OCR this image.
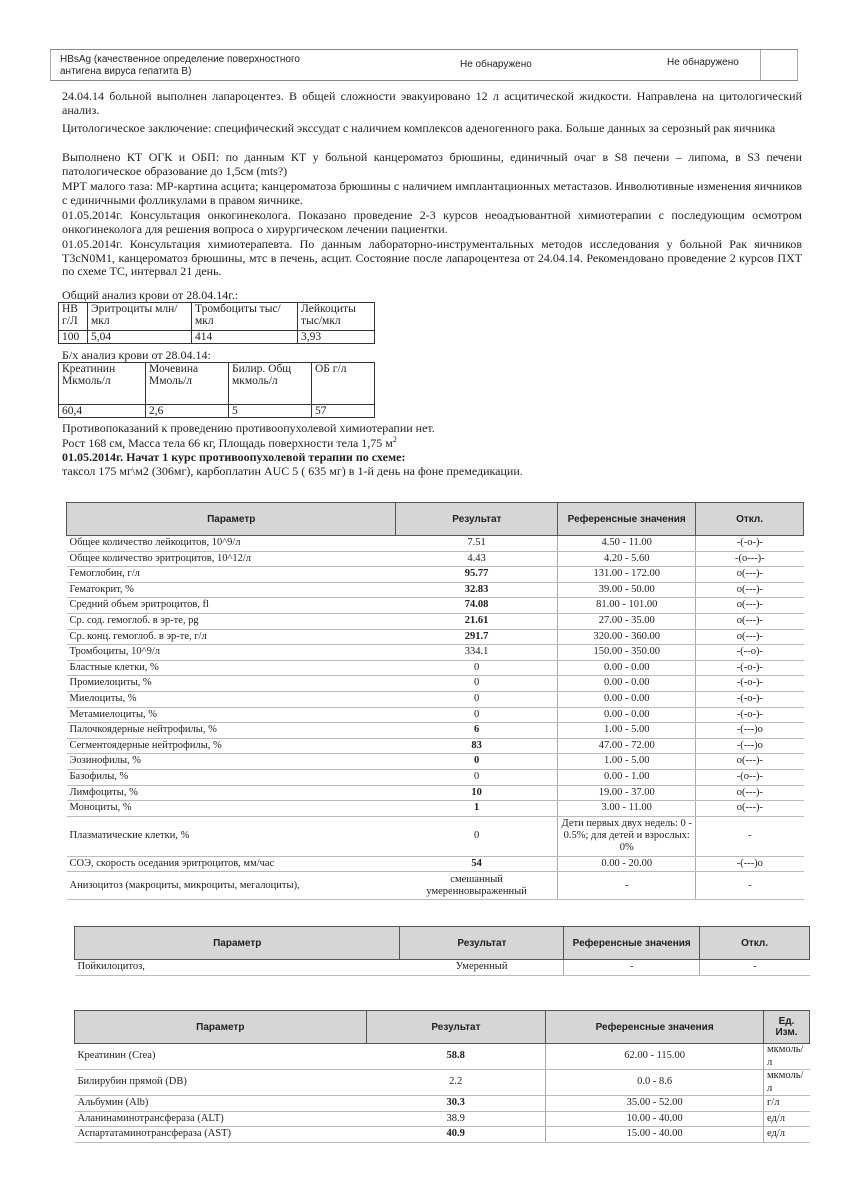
HBsAg (качественное определение поверхностного антигена вируса гепатита В)
Не обнаружено	Не обнаружено
24.04.14 больной выполнен лапароцентез. В общей сложности эвакуировано 12 л асцитической жидкости. Направлена на цитологический анализ.
Цитологическое заключение: специфический экссудат с наличием комплексов аденогенного рака. Больше данных за серозный рак яичника
Выполнено КТ ОГК и ОБП: по данным КТ у больной канцероматоз брюшины, единичный очаг в S8 печени – липома, в S3 печени патологическое образование до 1,5см (mts?)
МРТ малого таза: МР-картина асцита; канцероматоза брюшины с наличием имплантационных метастазов. Инволютивные изменения яичников с единичными фолликулами в правом яичнике.
01.05.2014г. Консультация онкогинеколога. Показано проведение 2-3 курсов неоадъювантной химиотерапии с последующим осмотром онкогинеколога для решения вопроса о хирургическом лечении пациентки.
01.05.2014г. Консультация химиотерапевта. По данным лабораторно-инструментальных методов исследования у больной Рак яичников T3cN0M1, канцероматоз брюшины, мтс в печень, асцит. Состояние после лапароцентеза от 24.04.14. Рекомендовано проведение 2 курсов ПХТ по схеме TC, интервал 21 день.
Общий анализ крови от 28.04.14г.:
HB г/Л	Эритроциты млн/мкл	Тромбоциты тыс/мкл	Лейкоциты тыс/мкл
100	5,04	414	3,93
Б/х анализ крови от 28.04.14:
Креатинин Мкмоль/л	Мочевина Ммоль/л	Билир. Общ мкмоль/л	ОБ г/л
60,4	2,6	5	57
Противопоказаний к проведению противоопухолевой химиотерапии нет.
Рост 168 см, Масса тела 66 кг, Площадь поверхности тела 1,75 $м^2$
01.05.2014г. Начат 1 курс противоопухолевой терапии по схеме:
таксол 175 мг\м2 (306мг), карбоплатин AUC 5 ( 635 мг) в 1-й день на фоне премедикации.
Параметр	Результат	Референсные значения	Откл.
Общее количество лейкоцитов, 10^9/л	7.51	4.50 - 11.00	-(-о-)-
Общее количество эритроцитов, 10^12/л	4.43	4.20 - 5.60	-(о---)-
Гемоглобин, г/л	95.77	131.00 - 172.00	о(---)-
Гематокрит, %	32.83	39.00 - 50.00	о(---)-
Средний объем эритроцитов, fl	74.08	81.00 - 101.00	о(---)-
Ср. сод. гемоглоб. в эр-те, pg	21.61	27.00 - 35.00	о(---)-
Ср. конц. гемоглоб. в эр-те, г/л	291.7	320.00 - 360.00	о(---)-
Тромбоциты, 10^9/л	334.1	150.00 - 350.00	-(--о)-
Бластные клетки, %	0	0.00 - 0.00	-(-о-)-
Промиелоциты, %	0	0.00 - 0.00	-(-о-)-
Миелоциты, %	0	0.00 - 0.00	-(-о-)-
Метамиелоциты, %	0	0.00 - 0.00	-(-о-)-
Палочкоядерные нейтрофилы, %	6	1.00 - 5.00	-(---)о
Сегментоядерные нейтрофилы, %	83	47.00 - 72.00	-(---)о
Эозинофилы, %	0	1.00 - 5.00	о(---)-
Базофилы, %	0	0.00 - 1.00	-(о--)-
Лимфоциты, %	10	19.00 - 37.00	о(---)-
Моноциты, %	1	3.00 - 11.00	о(---)-
Плазматические клетки, %	0	Дети первых двух недель: 0 - 0.5%; для детей и взрослых: 0%	-
СОЭ, скорость оседания эритроцитов, мм/час	54	0.00 - 20.00	-(---)о
Анизоцитоз (макроциты, микроциты, мегалоциты),	смешанный умеренновыраженный	-	-
Параметр	Результат	Референсные значения	Откл.
Пойкилоцитоз,	Умеренный	-	-
Параметр	Результат	Референсные значения	Ед. Изм.
Креатинин (Crea)	58.8	62.00 - 115.00	мкмоль/л
Билирубин прямой (DB)	2.2	0.0 - 8.6	мкмоль/л
Альбумин (Alb)	30.3	35.00 - 52.00	г/л
Аланинаминотрансфераза (ALT)	38.9	10.00 - 40.00	ед/л
Аспартатаминотрансфераза (AST)	40.9	15.00 - 40.00	ед/л
